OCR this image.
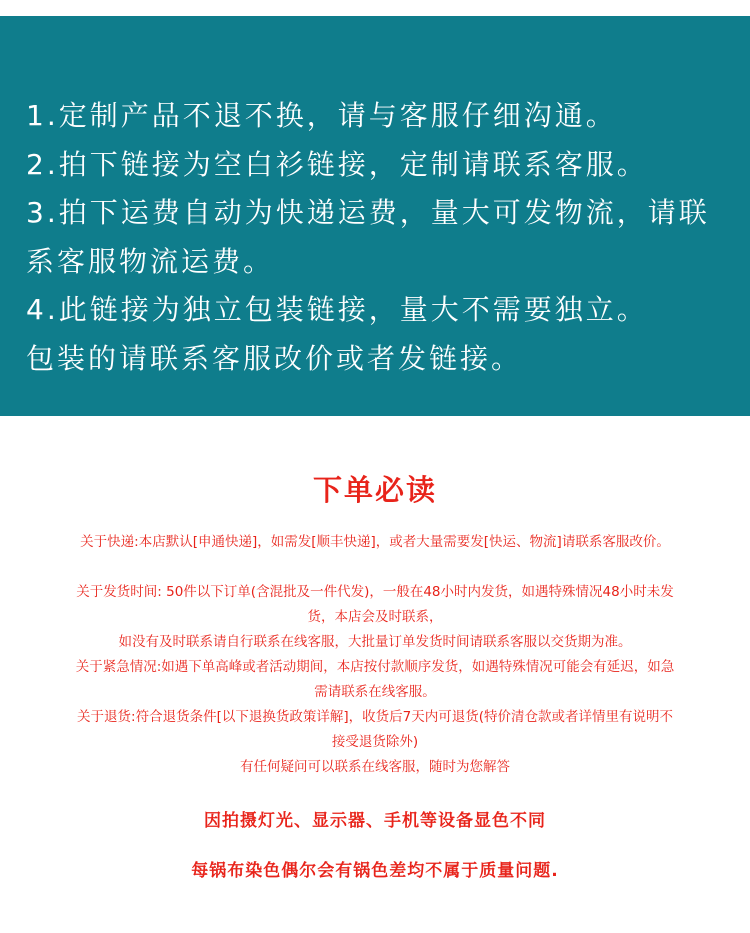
1.定制产品不退不换，请与客服仔细沟通。
2.拍下链接为空白衫链接，定制请联系客服。
3.拍下运费自动为快递运费，量大可发物流，请联
系客服物流运费。
4.此链接为独立包装链接，量大不需要独立。
包装的请联系客服改价或者发链接。
下单必读

关于快递:本店默认[申通快递]，如需发[顺丰快递]，或者大量需要发[快运、物流]请联系客服改价。

关于发货时间: 50件以下订单(含混批及一件代发)，一般在48小时内发货，如遇特殊情况48小时未发

货，本店会及时联系，

如没有及时联系请自行联系在线客服，大批量订单发货时间请联系客服以交货期为准。

关于紧急情况:如遇下单高峰或者活动期间，本店按付款顺序发货，如遇特殊情况可能会有延迟，如急

需请联系在线客服。

关于退货:符合退货条件[以下退换货政策详解]，收货后7天内可退货(特价清仓款或者详情里有说明不

接受退货除外)

有任何疑问可以联系在线客服，随时为您解答

因拍摄灯光、显示器、手机等设备显色不同
每锅布染色偶尔会有锅色差均不属于质量问题.
